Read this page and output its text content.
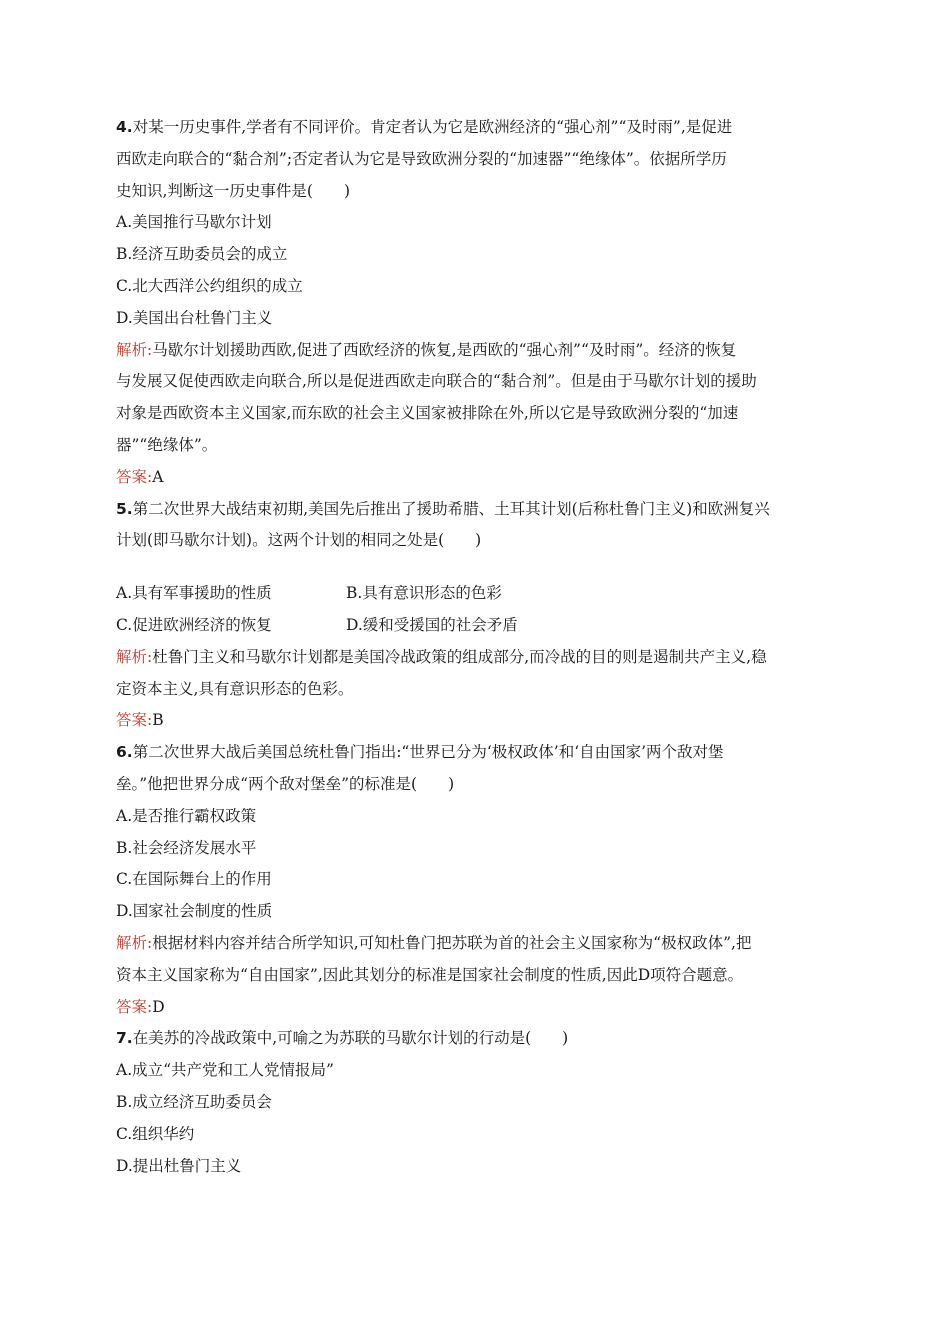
4.对某一历史事件,学者有不同评价。肯定者认为它是欧洲经济的“强心剂”“及时雨”,是促进
西欧走向联合的“黏合剂”;否定者认为它是导致欧洲分裂的“加速器”“绝缘体”。依据所学历
史知识,判断这一历史事件是(　　)
A.美国推行马歇尔计划
B.经济互助委员会的成立
C.北大西洋公约组织的成立
D.美国出台杜鲁门主义
解析:马歇尔计划援助西欧,促进了西欧经济的恢复,是西欧的“强心剂”“及时雨”。经济的恢复
与发展又促使西欧走向联合,所以是促进西欧走向联合的“黏合剂”。但是由于马歇尔计划的援助
对象是西欧资本主义国家,而东欧的社会主义国家被排除在外,所以它是导致欧洲分裂的“加速
器”“绝缘体”。
答案:A
5.第二次世界大战结束初期,美国先后推出了援助希腊、土耳其计划(后称杜鲁门主义)和欧洲复兴
计划(即马歇尔计划)。这两个计划的相同之处是(　　)
A.具有军事援助的性质	B.具有意识形态的色彩
C.促进欧洲经济的恢复	D.缓和受援国的社会矛盾
解析:杜鲁门主义和马歇尔计划都是美国冷战政策的组成部分,而冷战的目的则是遏制共产主义,稳
定资本主义,具有意识形态的色彩。
答案:B
6.第二次世界大战后美国总统杜鲁门指出:“世界已分为‘极权政体’和‘自由国家’两个敌对堡
垒。”他把世界分成“两个敌对堡垒”的标准是(　　)
A.是否推行霸权政策
B.社会经济发展水平
C.在国际舞台上的作用
D.国家社会制度的性质
解析:根据材料内容并结合所学知识,可知杜鲁门把苏联为首的社会主义国家称为“极权政体”,把
资本主义国家称为“自由国家”,因此其划分的标准是国家社会制度的性质,因此D项符合题意。
答案:D
7.在美苏的冷战政策中,可喻之为苏联的马歇尔计划的行动是(　　)
A.成立“共产党和工人党情报局”
B.成立经济互助委员会
C.组织华约
D.提出杜鲁门主义
